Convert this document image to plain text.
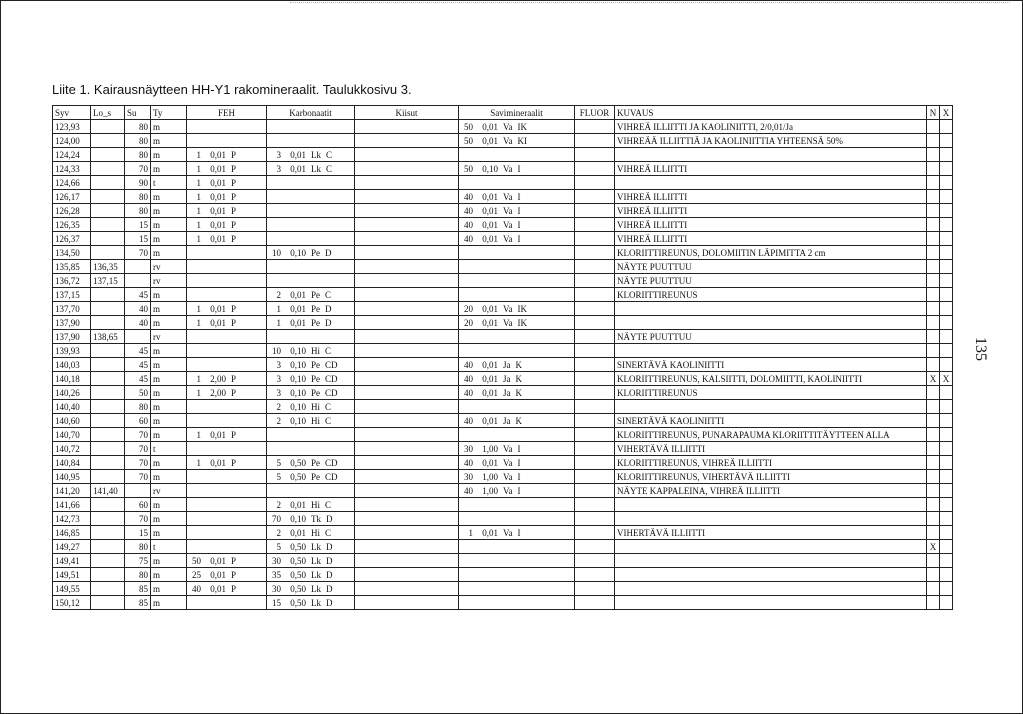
Liite 1. Kairausnäytteen HH-Y1 rakomineraalit. Taulukkosivu 3.
Syv	Lo_s	Su	Ty	FEH	Karbonaatit	Kiisut	Savimineraalit	FLUOR	KUVAUS	N	X
123,93		80	m				50 0,01 Va IK		VIHREÄ ILLIITTI JA KAOLINIITTI, 2/0,01/Ja		
124,00		80	m				50 0,01 Va KI		VIHREÄÄ ILLIITTIÄ JA KAOLINIITTIA YHTEENSÄ 50%		
124,24		80	m	1 0,01 P	3 0,01 Lk C						
124,33		70	m	1 0,01 P	3 0,01 Lk C		50 0,10 Va I		VIHREÄ ILLIITTI		
124,66		90	t	1 0,01 P							
126,17		80	m	1 0,01 P			40 0,01 Va I		VIHREÄ ILLIITTI		
126,28		80	m	1 0,01 P			40 0,01 Va I		VIHREÄ ILLIITTI		
126,35		15	m	1 0,01 P			40 0,01 Va I		VIHREÄ ILLIITTI		
126,37		15	m	1 0,01 P			40 0,01 Va I		VIHREÄ ILLIITTI		
134,50		70	m		10 0,10 Pe D				KLORIITTIREUNUS, DOLOMIITIN LÄPIMITTA 2 cm		
135,85	136,35		rv						NÄYTE PUUTTUU		
136,72	137,15		rv						NÄYTE PUUTTUU		
137,15		45	m		2 0,01 Pe C				KLORIITTIREUNUS		
137,70		40	m	1 0,01 P	1 0,01 Pe D		20 0,01 Va IK				
137,90		40	m	1 0,01 P	1 0,01 Pe D		20 0,01 Va IK				
137,90	138,65		rv						NÄYTE PUUTTUU		
139,93		45	m		10 0,10 Hi C						
140,03		45	m		3 0,10 Pe CD		40 0,01 Ja K		SINERTÄVÄ KAOLINIITTI		
140,18		45	m	1 2,00 P	3 0,10 Pe CD		40 0,01 Ja K		KLORIITTIREUNUS, KALSIITTI, DOLOMIITTI, KAOLINIITTI	X	X
140,26		50	m	1 2,00 P	3 0,10 Pe CD		40 0,01 Ja K		KLORIITTIREUNUS		
140,40		80	m		2 0,10 Hi C						
140,60		60	m		2 0,10 Hi C		40 0,01 Ja K		SINERTÄVÄ KAOLINIITTI		
140,70		70	m	1 0,01 P					KLORIITTIREUNUS, PUNARAPAUMA KLORIITTITÄYTTEEN ALLA		
140,72		70	t				30 1,00 Va I		VIHERTÄVÄ ILLIITTI		
140,84		70	m	1 0,01 P	5 0,50 Pe CD		40 0,01 Va I		KLORIITTIREUNUS, VIHREÄ ILLIITTI		
140,95		70	m		5 0,50 Pe CD		30 1,00 Va I		KLORIITTIREUNUS, VIHERTÄVÄ ILLIITTI		
141,20	141,40		rv				40 1,00 Va I		NÄYTE KAPPALEINA, VIHREÄ ILLIITTI		
141,66		60	m		2 0,01 Hi C						
142,73		70	m		70 0,10 Tk D						
146,85		15	m		2 0,01 Hi C		1 0,01 Va I		VIHERTÄVÄ ILLIITTI		
149,27		80	t		5 0,50 Lk D					X	
149,41		75	m	50 0,01 P	30 0,50 Lk D						
149,51		80	m	25 0,01 P	35 0,50 Lk D						
149,55		85	m	40 0,01 P	30 0,50 Lk D						
150,12		85	m		15 0,50 Lk D						
135
